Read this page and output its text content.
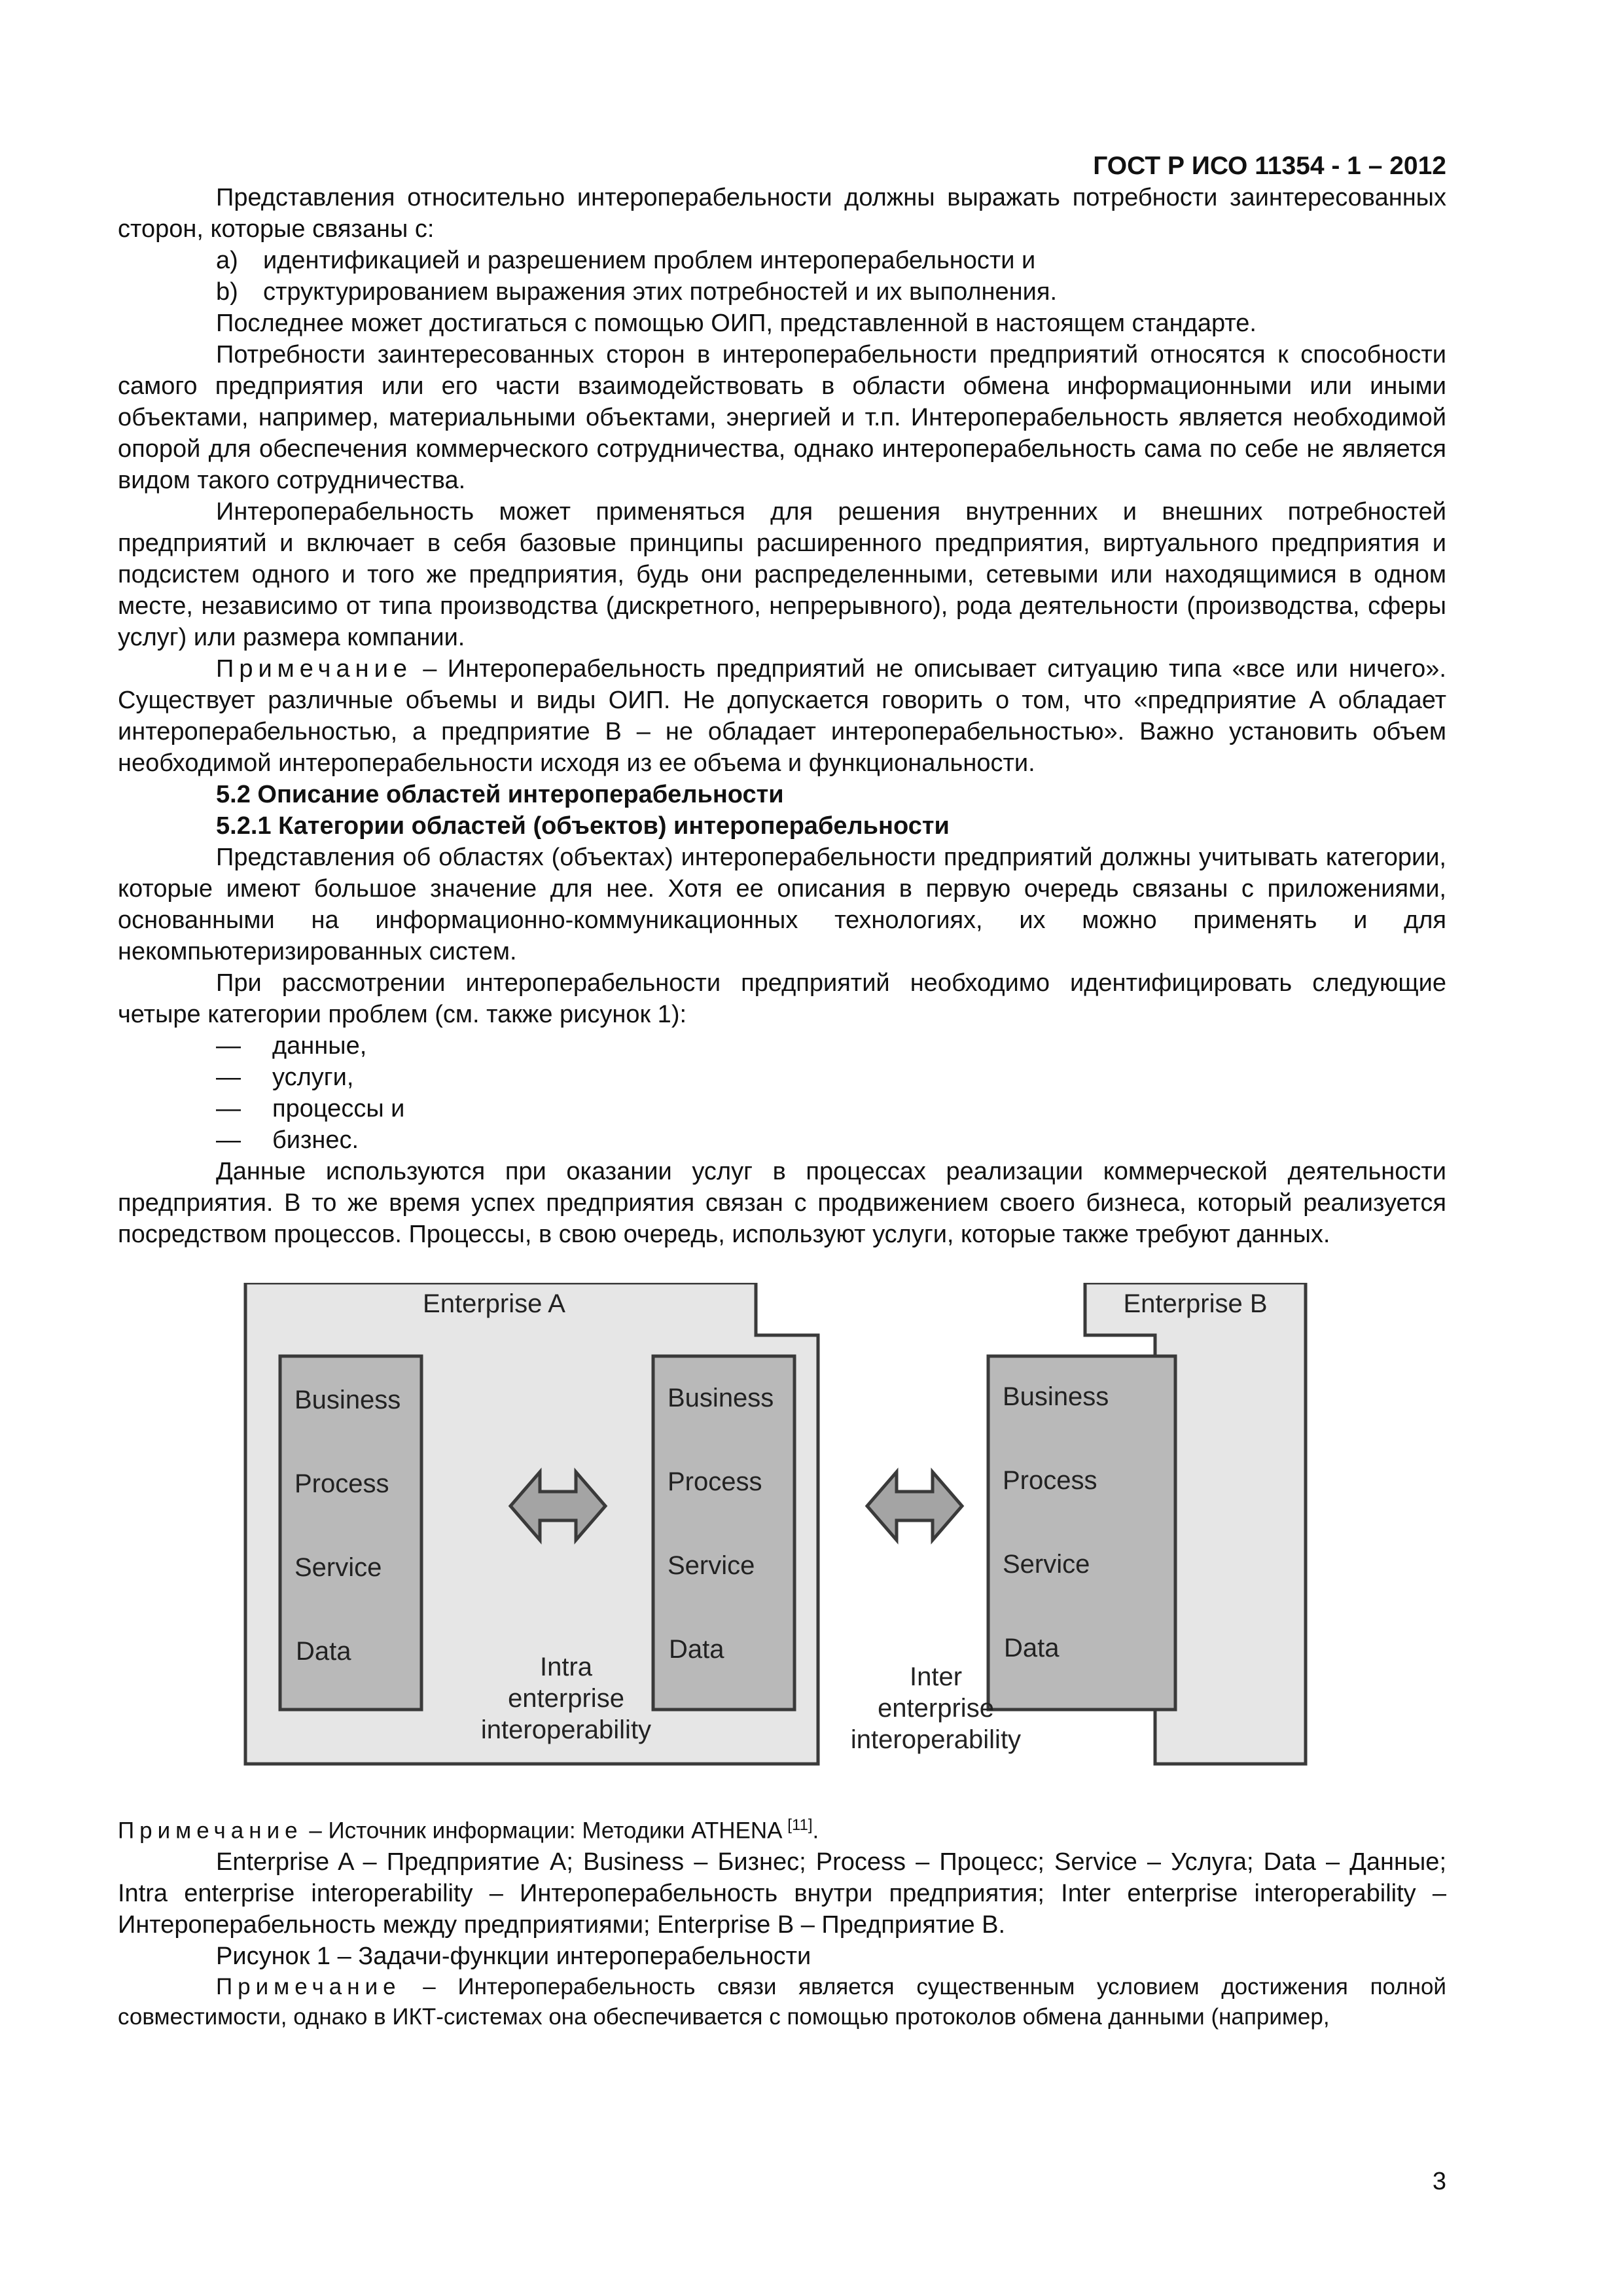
ГОСТ Р ИСО 11354 - 1 – 2012

Представления относительно интероперабельности должны выражать потребности заинтересованных сторон, которые связаны с:

a) идентификацией и разрешением проблем интероперабельности и

b) структурированием выражения этих потребностей и их выполнения.

Последнее может достигаться с помощью ОИП, представленной в настоящем стандарте.

Потребности заинтересованных сторон в интероперабельности предприятий относятся к способности самого предприятия или его части взаимодействовать в области обмена информационными или иными объектами, например, материальными объектами, энергией и т.п. Интероперабельность является необходимой опорой для обеспечения коммерческого сотрудничества, однако интероперабельность сама по себе не является видом такого сотрудничества.

Интероперабельность может применяться для решения внутренних и внешних потребностей предприятий и включает в себя базовые принципы расширенного предприятия, виртуального предприятия и подсистем одного и того же предприятия, будь они распределенными, сетевыми или находящимися в одном месте, независимо от типа производства (дискретного, непрерывного), рода деятельности (производства, сферы услуг) или размера компании.

Примечание – Интероперабельность предприятий не описывает ситуацию типа «все или ничего». Существует различные объемы и виды ОИП. Не допускается говорить о том, что «предприятие А обладает интероперабельностью, а предприятие В – не обладает интероперабельностью». Важно установить объем необходимой интероперабельности исходя из ее объема и функциональности.

5.2 Описание областей интероперабельности

5.2.1 Категории областей (объектов) интероперабельности

Представления об областях (объектах) интероперабельности предприятий должны учитывать категории, которые имеют большое значение для нее. Хотя ее описания в первую очередь связаны с приложениями, основанными на информационно-коммуникационных технологиях, их можно применять и для некомпьютеризированных систем.

При рассмотрении интероперабельности предприятий необходимо идентифицировать следующие четыре категории проблем (см. также рисунок 1):

— данные,

— услуги,

— процессы и

— бизнес.

Данные используются при оказании услуг в процессах реализации коммерческой деятельности предприятия. В то же время успех предприятия связан с продвижением своего бизнеса, который реализуется посредством процессов. Процессы, в свою очередь, используют услуги, которые также требуют данных.

Enterprise A	Enterprise B
Business
Process
Service
Data
Business
Process
Service
Data
Business
Process
Service
Data
Intra
enterprise
interoperability
Inter
enterprise
interoperability

Примечание – Источник информации: Методики ATHENA [11].

Enterprise A – Предприятие А; Business – Бизнес; Process – Процесс; Service – Услуга; Data – Данные; Intra enterprise interoperability – Интероперабельность внутри предприятия; Inter enterprise interoperability – Интероперабельность между предприятиями; Enterprise B – Предприятие В.

Рисунок 1 – Задачи-функции интероперабельности

Примечание – Интероперабельность связи является существенным условием достижения полной совместимости, однако в ИКТ-системах она обеспечивается с помощью протоколов обмена данными (например,

3
